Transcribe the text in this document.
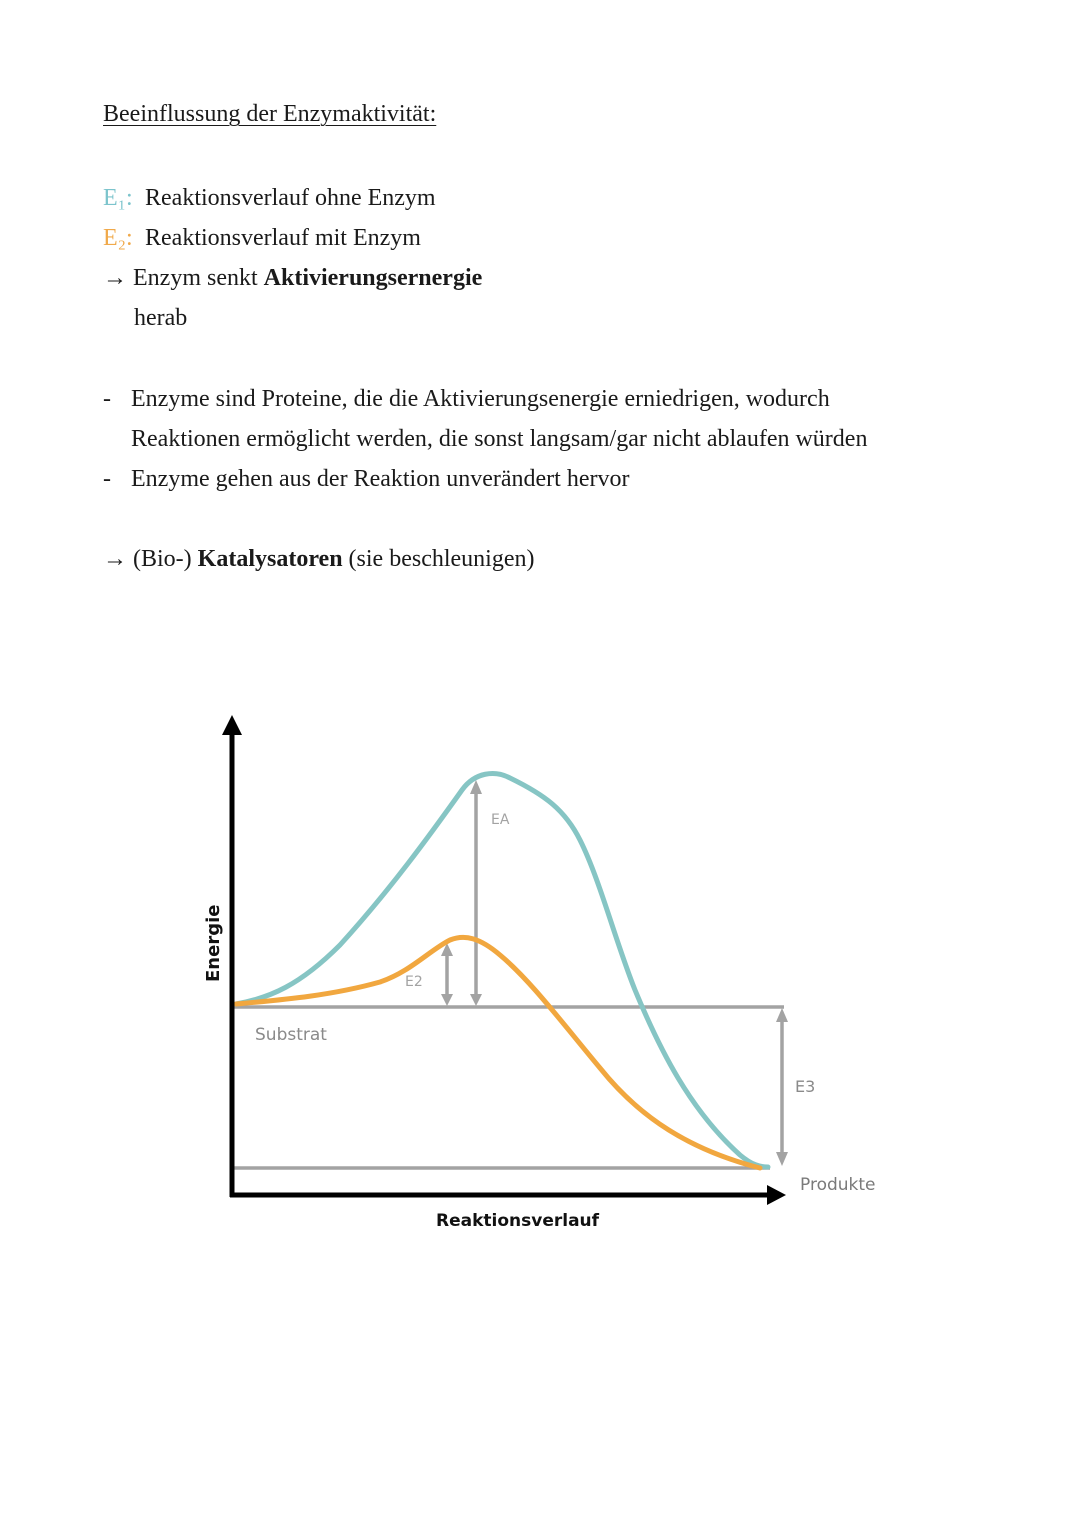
Beeinflussung der Enzymaktivität:
E₁: Reaktionsverlauf ohne Enzym
E₂: Reaktionsverlauf mit Enzym
→ Enzym senkt Aktivierungsernergie
herab
- Enzyme sind Proteine, die die Aktivierungsenergie erniedrigen, wodurch
Reaktionen ermöglicht werden, die sonst langsam/gar nicht ablaufen würden
- Enzyme gehen aus der Reaktion unverändert hervor
→ (Bio-) Katalysatoren (sie beschleunigen)
Energie
Reaktionsverlauf
Substrat
Produkte
EA
E2
E3
